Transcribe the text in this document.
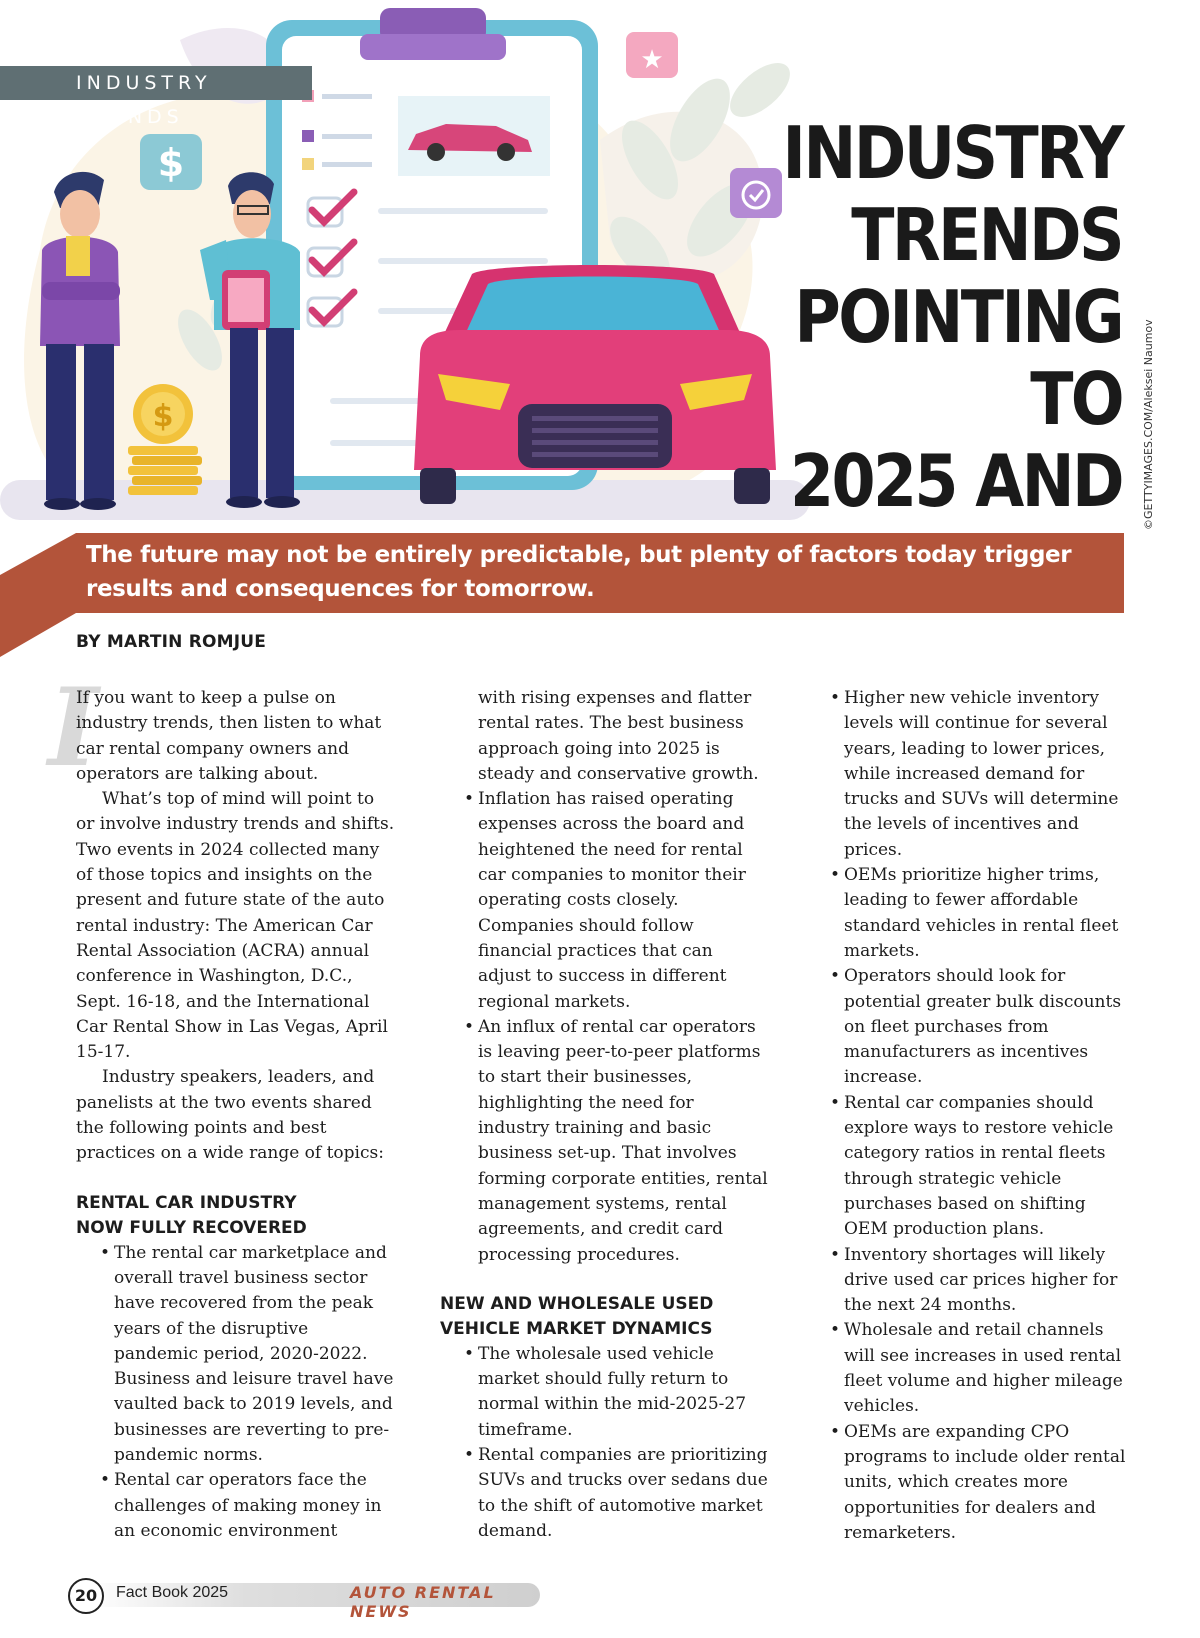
$
★
$
INDUSTRY TRENDS	INDUSTRY
TRENDS
POINTING TO
2025 AND ©GETTYIMAGES.COM/Aleksei Naumov
The future may not be entirely predictable, but plenty of factors today trigger results and consequences for tomorrow.
BY MARTIN ROMJUE
I

If you want to keep a pulse on industry trends, then listen to what car rental company owners and operators are talking about.

What’s top of mind will point to or involve industry trends and shifts. Two events in 2024 collected many of those topics and insights on the present and future state of the auto rental industry: The American Car Rental Association (ACRA) annual conference in Washington, D.C., Sept. 16-18, and the International Car Rental Show in Las Vegas, April 15-17.

Industry speakers, leaders, and panelists at the two events shared the following points and best practices on a wide range of topics:

RENTAL CAR INDUSTRY
NOW FULLY RECOVERED
• The rental car marketplace and overall travel business sector have recovered from the peak years of the disruptive pandemic period, 2020-2022. Business and leisure travel have vaulted back to 2019 levels, and businesses are reverting to pre-pandemic norms.
• Rental car operators face the challenges of making money in an economic environment

with rising expenses and flatter rental rates. The best business approach going into 2025 is steady and conservative growth.

• Inflation has raised operating expenses across the board and heightened the need for rental car companies to monitor their operating costs closely. Companies should follow financial practices that can adjust to success in different regional markets.
• An influx of rental car operators is leaving peer-to-peer platforms to start their businesses, highlighting the need for industry training and basic business set-up. That involves forming corporate entities, rental management systems, rental agreements, and credit card processing procedures.
NEW AND WHOLESALE USED
VEHICLE MARKET DYNAMICS
• The wholesale used vehicle market should fully return to normal within the mid-2025-27 timeframe.
• Rental companies are prioritizing SUVs and trucks over sedans due to the shift of automotive market demand.
• Higher new vehicle inventory levels will continue for several years, leading to lower prices, while increased demand for trucks and SUVs will determine the levels of incentives and prices.
• OEMs prioritize higher trims, leading to fewer affordable standard vehicles in rental fleet markets.
• Operators should look for potential greater bulk discounts on fleet purchases from manufacturers as incentives increase.
• Rental car companies should explore ways to restore vehicle category ratios in rental fleets through strategic vehicle purchases based on shifting OEM production plans.
• Inventory shortages will likely drive used car prices higher for the next 24 months.
• Wholesale and retail channels will see increases in used rental fleet volume and higher mileage vehicles.
• OEMs are expanding CPO programs to include older rental units, which creates more opportunities for dealers and remarketers.
20	Fact Book 2025	AUTO RENTAL NEWS
